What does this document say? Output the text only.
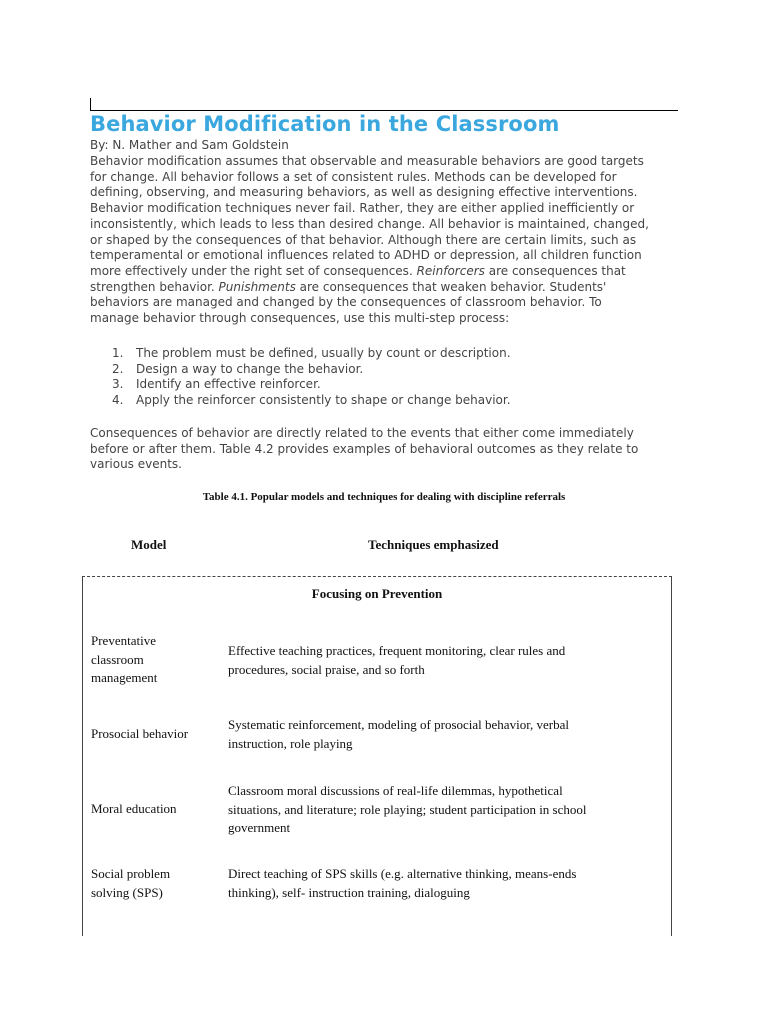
Behavior Modification in the Classroom
By: N. Mather and Sam Goldstein
Behavior modification assumes that observable and measurable behaviors are good targets
for change. All behavior follows a set of consistent rules. Methods can be developed for
defining, observing, and measuring behaviors, as well as designing effective interventions.
Behavior modification techniques never fail. Rather, they are either applied inefficiently or
inconsistently, which leads to less than desired change. All behavior is maintained, changed,
or shaped by the consequences of that behavior. Although there are certain limits, such as
temperamental or emotional influences related to ADHD or depression, all children function
more effectively under the right set of consequences. Reinforcers are consequences that
strengthen behavior. Punishments are consequences that weaken behavior. Students'
behaviors are managed and changed by the consequences of classroom behavior. To
manage behavior through consequences, use this multi-step process:
1. The problem must be defined, usually by count or description.
2. Design a way to change the behavior.
3. Identify an effective reinforcer.
4. Apply the reinforcer consistently to shape or change behavior.
Consequences of behavior are directly related to the events that either come immediately
before or after them. Table 4.2 provides examples of behavioral outcomes as they relate to
various events.
Table 4.1. Popular models and techniques for dealing with discipline referrals
Model	Techniques emphasized
Focusing on Prevention
Preventative
classroom
management
Effective teaching practices, frequent monitoring, clear rules and
procedures, social praise, and so forth
Prosocial behavior
Systematic reinforcement, modeling of prosocial behavior, verbal
instruction, role playing
Moral education
Classroom moral discussions of real-life dilemmas, hypothetical
situations, and literature; role playing; student participation in school
government
Social problem
solving (SPS)
Direct teaching of SPS skills (e.g. alternative thinking, means-ends
thinking), self- instruction training, dialoguing
